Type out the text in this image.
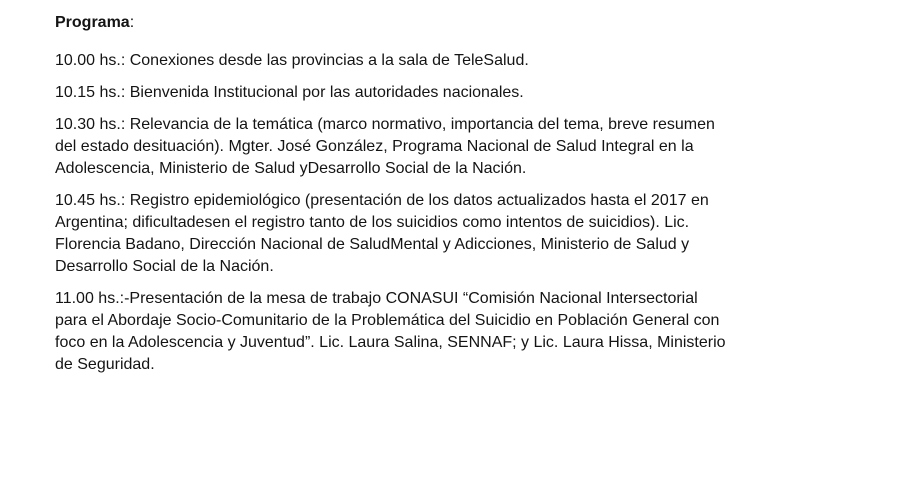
Programa:
10.00 hs.: Conexiones desde las provincias a la sala de TeleSalud.
10.15 hs.: Bienvenida Institucional por las autoridades nacionales.
10.30 hs.: Relevancia de la temática (marco normativo, importancia del tema, breve resumen
del estado desituación). Mgter. José González, Programa Nacional de Salud Integral en la
Adolescencia, Ministerio de Salud yDesarrollo Social de la Nación.
10.45 hs.: Registro epidemiológico (presentación de los datos actualizados hasta el 2017 en
Argentina; dificultadesen el registro tanto de los suicidios como intentos de suicidios). Lic.
Florencia Badano, Dirección Nacional de SaludMental y Adicciones, Ministerio de Salud y
Desarrollo Social de la Nación.
11.00 hs.:-Presentación de la mesa de trabajo CONASUI “Comisión Nacional Intersectorial
para el Abordaje Socio-Comunitario de la Problemática del Suicidio en Población General con
foco en la Adolescencia y Juventud”. Lic. Laura Salina, SENNAF; y Lic. Laura Hissa, Ministerio
de Seguridad.
